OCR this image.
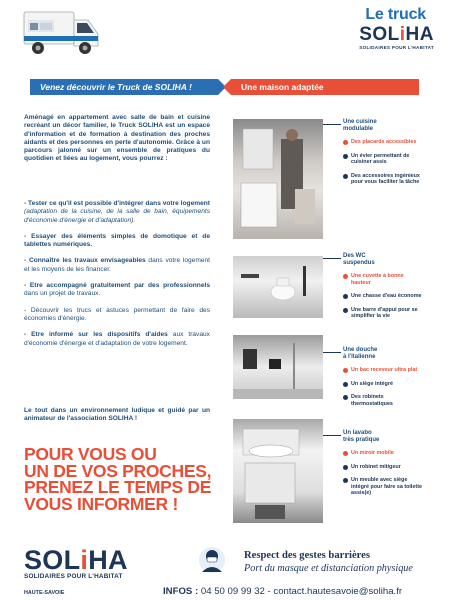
Le truck
SOLiHA
SOLIDAIRES POUR L'HABITAT
Venez découvrir le Truck de SOLIHA !	Une maison adaptée
Aménagé en appartement avec salle de bain et cuisine recréant un décor familier, le Truck SOLIHA est un espace d'information et de formation à destination des proches aidants et des personnes en perte d'autonomie. Grâce à un parcours jalonné sur un ensemble de pratiques du quotidien et liées au logement, vous pourrez :

- Tester ce qu'il est possible d'intégrer dans votre logement (adaptation de la cuisine, de la salle de bain, équipements d'économie d'énergie et d'adaptation).

- Essayer des éléments simples de domotique et de tablettes numériques.

- Connaître les travaux envisageables dans votre logement et les moyens de les financer.

- Etre accompagné gratuitement par des professionnels dans un projet de travaux.

- Découvrir les trucs et astuces permettant de faire des économies d'énergie.

- Etre informé sur les dispositifs d'aides aux travaux d'économie d'énergie et d'adaptation de votre logement.

Le tout dans un environnement ludique et guidé par un animateur de l'association SOLIHA !
POUR VOUS OU
UN DE VOS PROCHES,
PRENEZ LE TEMPS DE
VOUS INFORMER !
Une cuisine
modulable
Des placards accessibles
Un évier permettant de cuisiner assis
Des accessoires ingénieux pour vous faciliter la tâche
Des WC
suspendus
Une cuvette à bonne hauteur
Une chasse d'eau économe
Une barre d'appui pour se simplifier la vie
Une douche
à l'italienne
Un bac receveur ultra plat
Un siège intégré
Des robinets thermostatiques
Un lavabo
très pratique
Un miroir mobile
Un robinet mitigeur
Un meuble avec siège intégré pour faire sa toilette assis(e)
SOLiHA
SOLIDAIRES POUR L'HABITAT
HAUTE-SAVOIE
Respect des gestes barrières
Port du masque et distanciation physique
INFOS : 04 50 09 99 32 - contact.hautesavoie@soliha.fr
